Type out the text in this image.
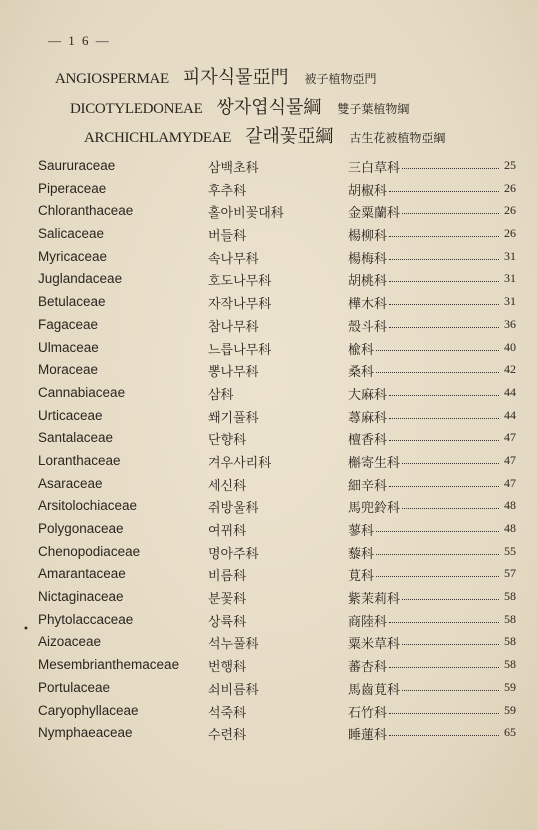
— 1 6 —
ANGIOSPERMAE 피자식물亞門 被子植物亞門
DICOTYLEDONEAE 쌍자엽식물綱 雙子葉植物綱
ARCHICHLAMYDEAE 갈래꽃亞綱 古生花被植物亞綱
Saururaceae	삼백초科	三白草科	25
Piperaceae	후추科	胡椒科	26
Chloranthaceae	홀아비꽃대科	金粟蘭科	26
Salicaceae	버들科	楊柳科	26
Myricaceae	속나무科	楊梅科	31
Juglandaceae	호도나무科	胡桃科	31
Betulaceae	자작나무科	樺木科	31
Fagaceae	참나무科	殼斗科	36
Ulmaceae	느릅나무科	楡科	40
Moraceae	뽕나무科	桑科	42
Cannabiaceae	삼科	大麻科	44
Urticaceae	쐐기풀科	蕁麻科	44
Santalaceae	단향科	檀香科	47
Loranthaceae	겨우사리科	槲寄生科	47
Asaraceae	세신科	細辛科	47
Arsitolochiaceae	쥐방울科	馬兜鈴科	48
Polygonaceae	여뀌科	蓼科	48
Chenopodiaceae	명아주科	藜科	55
Amarantaceae	비름科	莧科	57
Nictaginaceae	분꽃科	紫茉莉科	58
Phytolaccaceae	상륙科	商陸科	58
Aizoaceae	석누풀科	粟米草科	58
Mesembrianthemaceae 번행科	蕃杏科	58
Portulaceae	쇠비름科	馬齒莧科	59
Caryophyllaceae	석죽科	石竹科	59
Nymphaeaceae	수련科	睡蓮科	65
•
